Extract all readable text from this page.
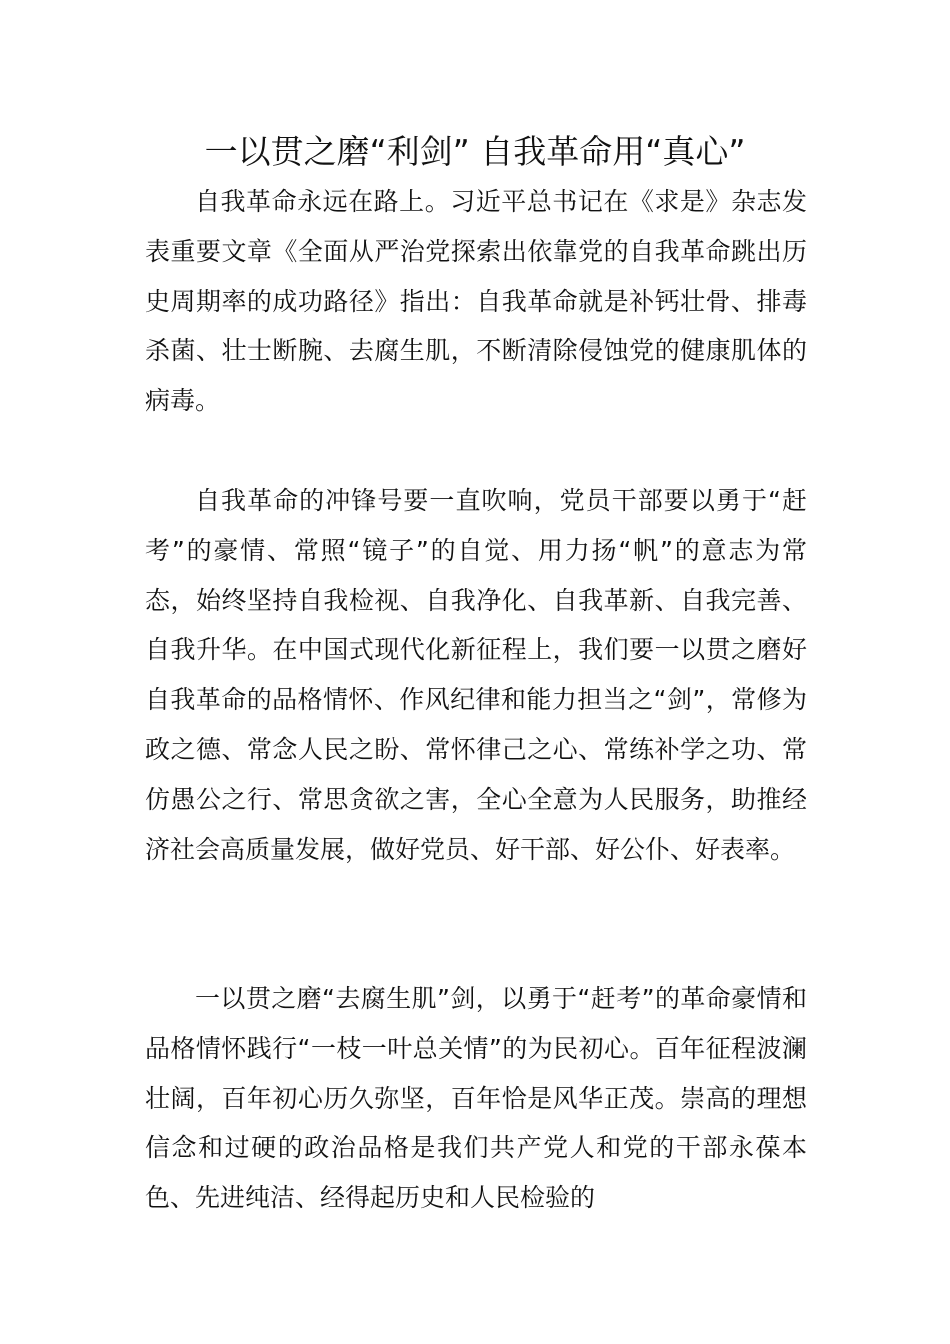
一以贯之磨“利剑” 自我革命用“真心”

自我革命永远在路上。习近平总书记在《求是》杂志发表重要文章《全面从严治党探索出依靠党的自我革命跳出历史周期率的成功路径》指出：自我革命就是补钙壮骨、排毒杀菌、壮士断腕、去腐生肌，不断清除侵蚀党的健康肌体的病毒。

自我革命的冲锋号要一直吹响，党员干部要以勇于“赶考”的豪情、常照“镜子”的自觉、用力扬“帆”的意志为常态，始终坚持自我检视、自我净化、自我革新、自我完善、自我升华。在中国式现代化新征程上，我们要一以贯之磨好自我革命的品格情怀、作风纪律和能力担当之“剑”，常修为政之德、常念人民之盼、常怀律己之心、常练补学之功、常仿愚公之行、常思贪欲之害，全心全意为人民服务，助推经济社会高质量发展，做好党员、好干部、好公仆、好表率。

一以贯之磨“去腐生肌”剑，以勇于“赶考”的革命豪情和品格情怀践行“一枝一叶总关情”的为民初心。百年征程波澜壮阔，百年初心历久弥坚，百年恰是风华正茂。崇高的理想信念和过硬的政治品格是我们共产党人和党的干部永葆本色、先进纯洁、经得起历史和人民检验的
